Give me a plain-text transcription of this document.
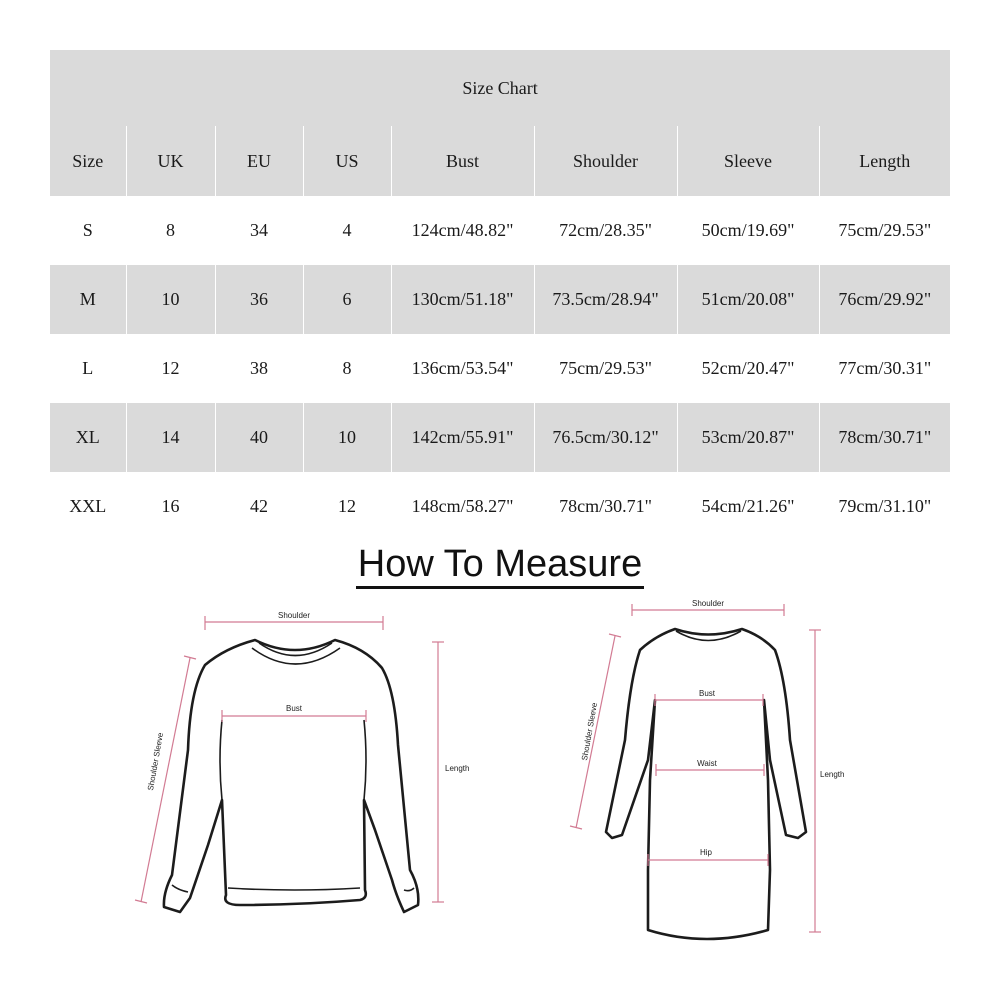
Size Chart							
Size	UK	EU	US	Bust	Shoulder	Sleeve	Length
S	8	34	4	124cm/48.82"	72cm/28.35"	50cm/19.69"	75cm/29.53"
M	10	36	6	130cm/51.18"	73.5cm/28.94"	51cm/20.08"	76cm/29.92"
L	12	38	8	136cm/53.54"	75cm/29.53"	52cm/20.47"	77cm/30.31"
XL	14	40	10	142cm/55.91"	76.5cm/30.12"	53cm/20.87"	78cm/30.71"
XXL	16	42	12	148cm/58.27"	78cm/30.71"	54cm/21.26"	79cm/31.10"
How To Measure
Shoulder
Bust
Shoulder Sleeve	Length
Shoulder
Bust
Waist
Hip
Shoulder Sleeve
Length
